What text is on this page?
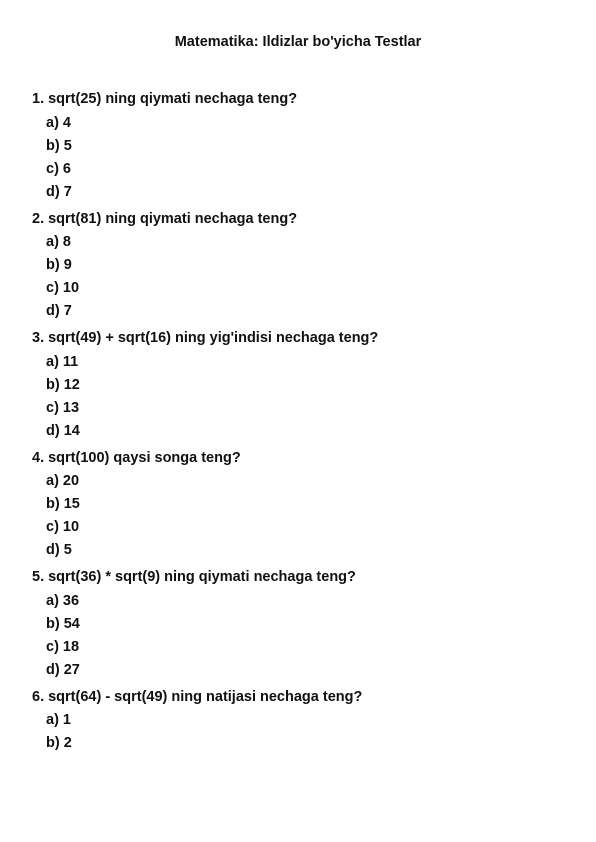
Matematika: Ildizlar bo'yicha Testlar
1. sqrt(25) ning qiymati nechaga teng?
a) 4
b) 5
c) 6
d) 7
2. sqrt(81) ning qiymati nechaga teng?
a) 8
b) 9
c) 10
d) 7
3. sqrt(49) + sqrt(16) ning yig'indisi nechaga teng?
a) 11
b) 12
c) 13
d) 14
4. sqrt(100) qaysi songa teng?
a) 20
b) 15
c) 10
d) 5
5. sqrt(36) * sqrt(9) ning qiymati nechaga teng?
a) 36
b) 54
c) 18
d) 27
6. sqrt(64) - sqrt(49) ning natijasi nechaga teng?
a) 1
b) 2
